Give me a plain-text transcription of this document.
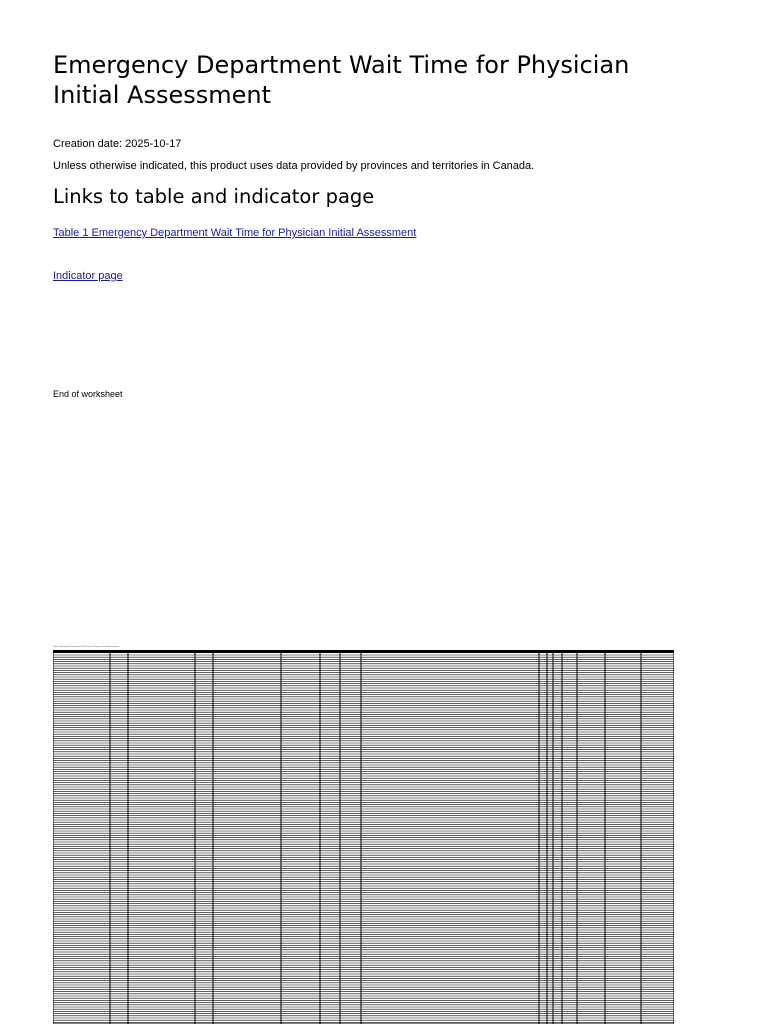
Emergency Department Wait Time for Physician Initial Assessment

Creation date: 2025-10-17

Unless otherwise indicated, this product uses data provided by provinces and territories in Canada.

Links to table and indicator page
Table 1 Emergency Department Wait Time for Physician Initial Assessment
Indicator page

End of worksheet

Table 1 Emergency Department Wait Time for Physician Initial Assessment
